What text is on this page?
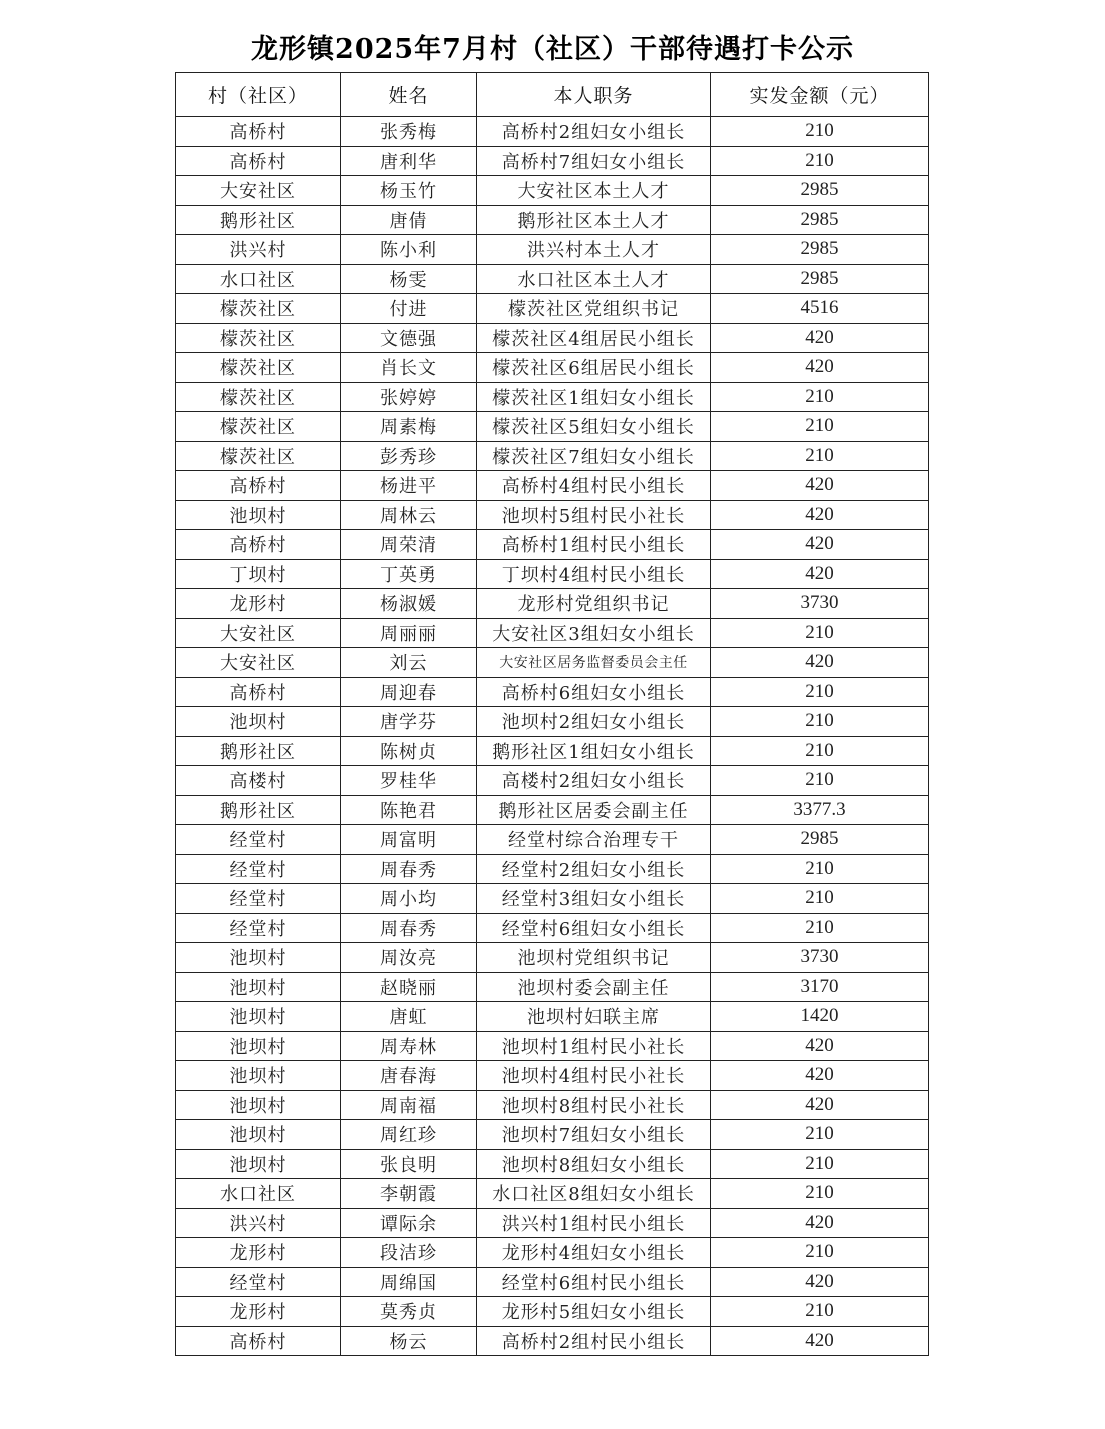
龙形镇2025年7月村（社区）干部待遇打卡公示
村（社区）	姓名	本人职务	实发金额（元）
高桥村	张秀梅	高桥村2组妇女小组长	210
高桥村	唐利华	高桥村7组妇女小组长	210
大安社区	杨玉竹	大安社区本土人才	2985
鹅形社区	唐倩	鹅形社区本土人才	2985
洪兴村	陈小利	洪兴村本土人才	2985
水口社区	杨雯	水口社区本土人才	2985
檬茨社区	付进	檬茨社区党组织书记	4516
檬茨社区	文德强	檬茨社区4组居民小组长	420
檬茨社区	肖长文	檬茨社区6组居民小组长	420
檬茨社区	张婷婷	檬茨社区1组妇女小组长	210
檬茨社区	周素梅	檬茨社区5组妇女小组长	210
檬茨社区	彭秀珍	檬茨社区7组妇女小组长	210
高桥村	杨进平	高桥村4组村民小组长	420
池坝村	周林云	池坝村5组村民小社长	420
高桥村	周荣清	高桥村1组村民小组长	420
丁坝村	丁英勇	丁坝村4组村民小组长	420
龙形村	杨淑媛	龙形村党组织书记	3730
大安社区	周丽丽	大安社区3组妇女小组长	210
大安社区	刘云	大安社区居务监督委员会主任	420
高桥村	周迎春	高桥村6组妇女小组长	210
池坝村	唐学芬	池坝村2组妇女小组长	210
鹅形社区	陈树贞	鹅形社区1组妇女小组长	210
高楼村	罗桂华	高楼村2组妇女小组长	210
鹅形社区	陈艳君	鹅形社区居委会副主任	3377.3
经堂村	周富明	经堂村综合治理专干	2985
经堂村	周春秀	经堂村2组妇女小组长	210
经堂村	周小均	经堂村3组妇女小组长	210
经堂村	周春秀	经堂村6组妇女小组长	210
池坝村	周汝亮	池坝村党组织书记	3730
池坝村	赵晓丽	池坝村委会副主任	3170
池坝村	唐虹	池坝村妇联主席	1420
池坝村	周寿林	池坝村1组村民小社长	420
池坝村	唐春海	池坝村4组村民小社长	420
池坝村	周南福	池坝村8组村民小社长	420
池坝村	周红珍	池坝村7组妇女小组长	210
池坝村	张良明	池坝村8组妇女小组长	210
水口社区	李朝霞	水口社区8组妇女小组长	210
洪兴村	谭际余	洪兴村1组村民小组长	420
龙形村	段洁珍	龙形村4组妇女小组长	210
经堂村	周绵国	经堂村6组村民小组长	420
龙形村	莫秀贞	龙形村5组妇女小组长	210
高桥村	杨云	高桥村2组村民小组长	420
